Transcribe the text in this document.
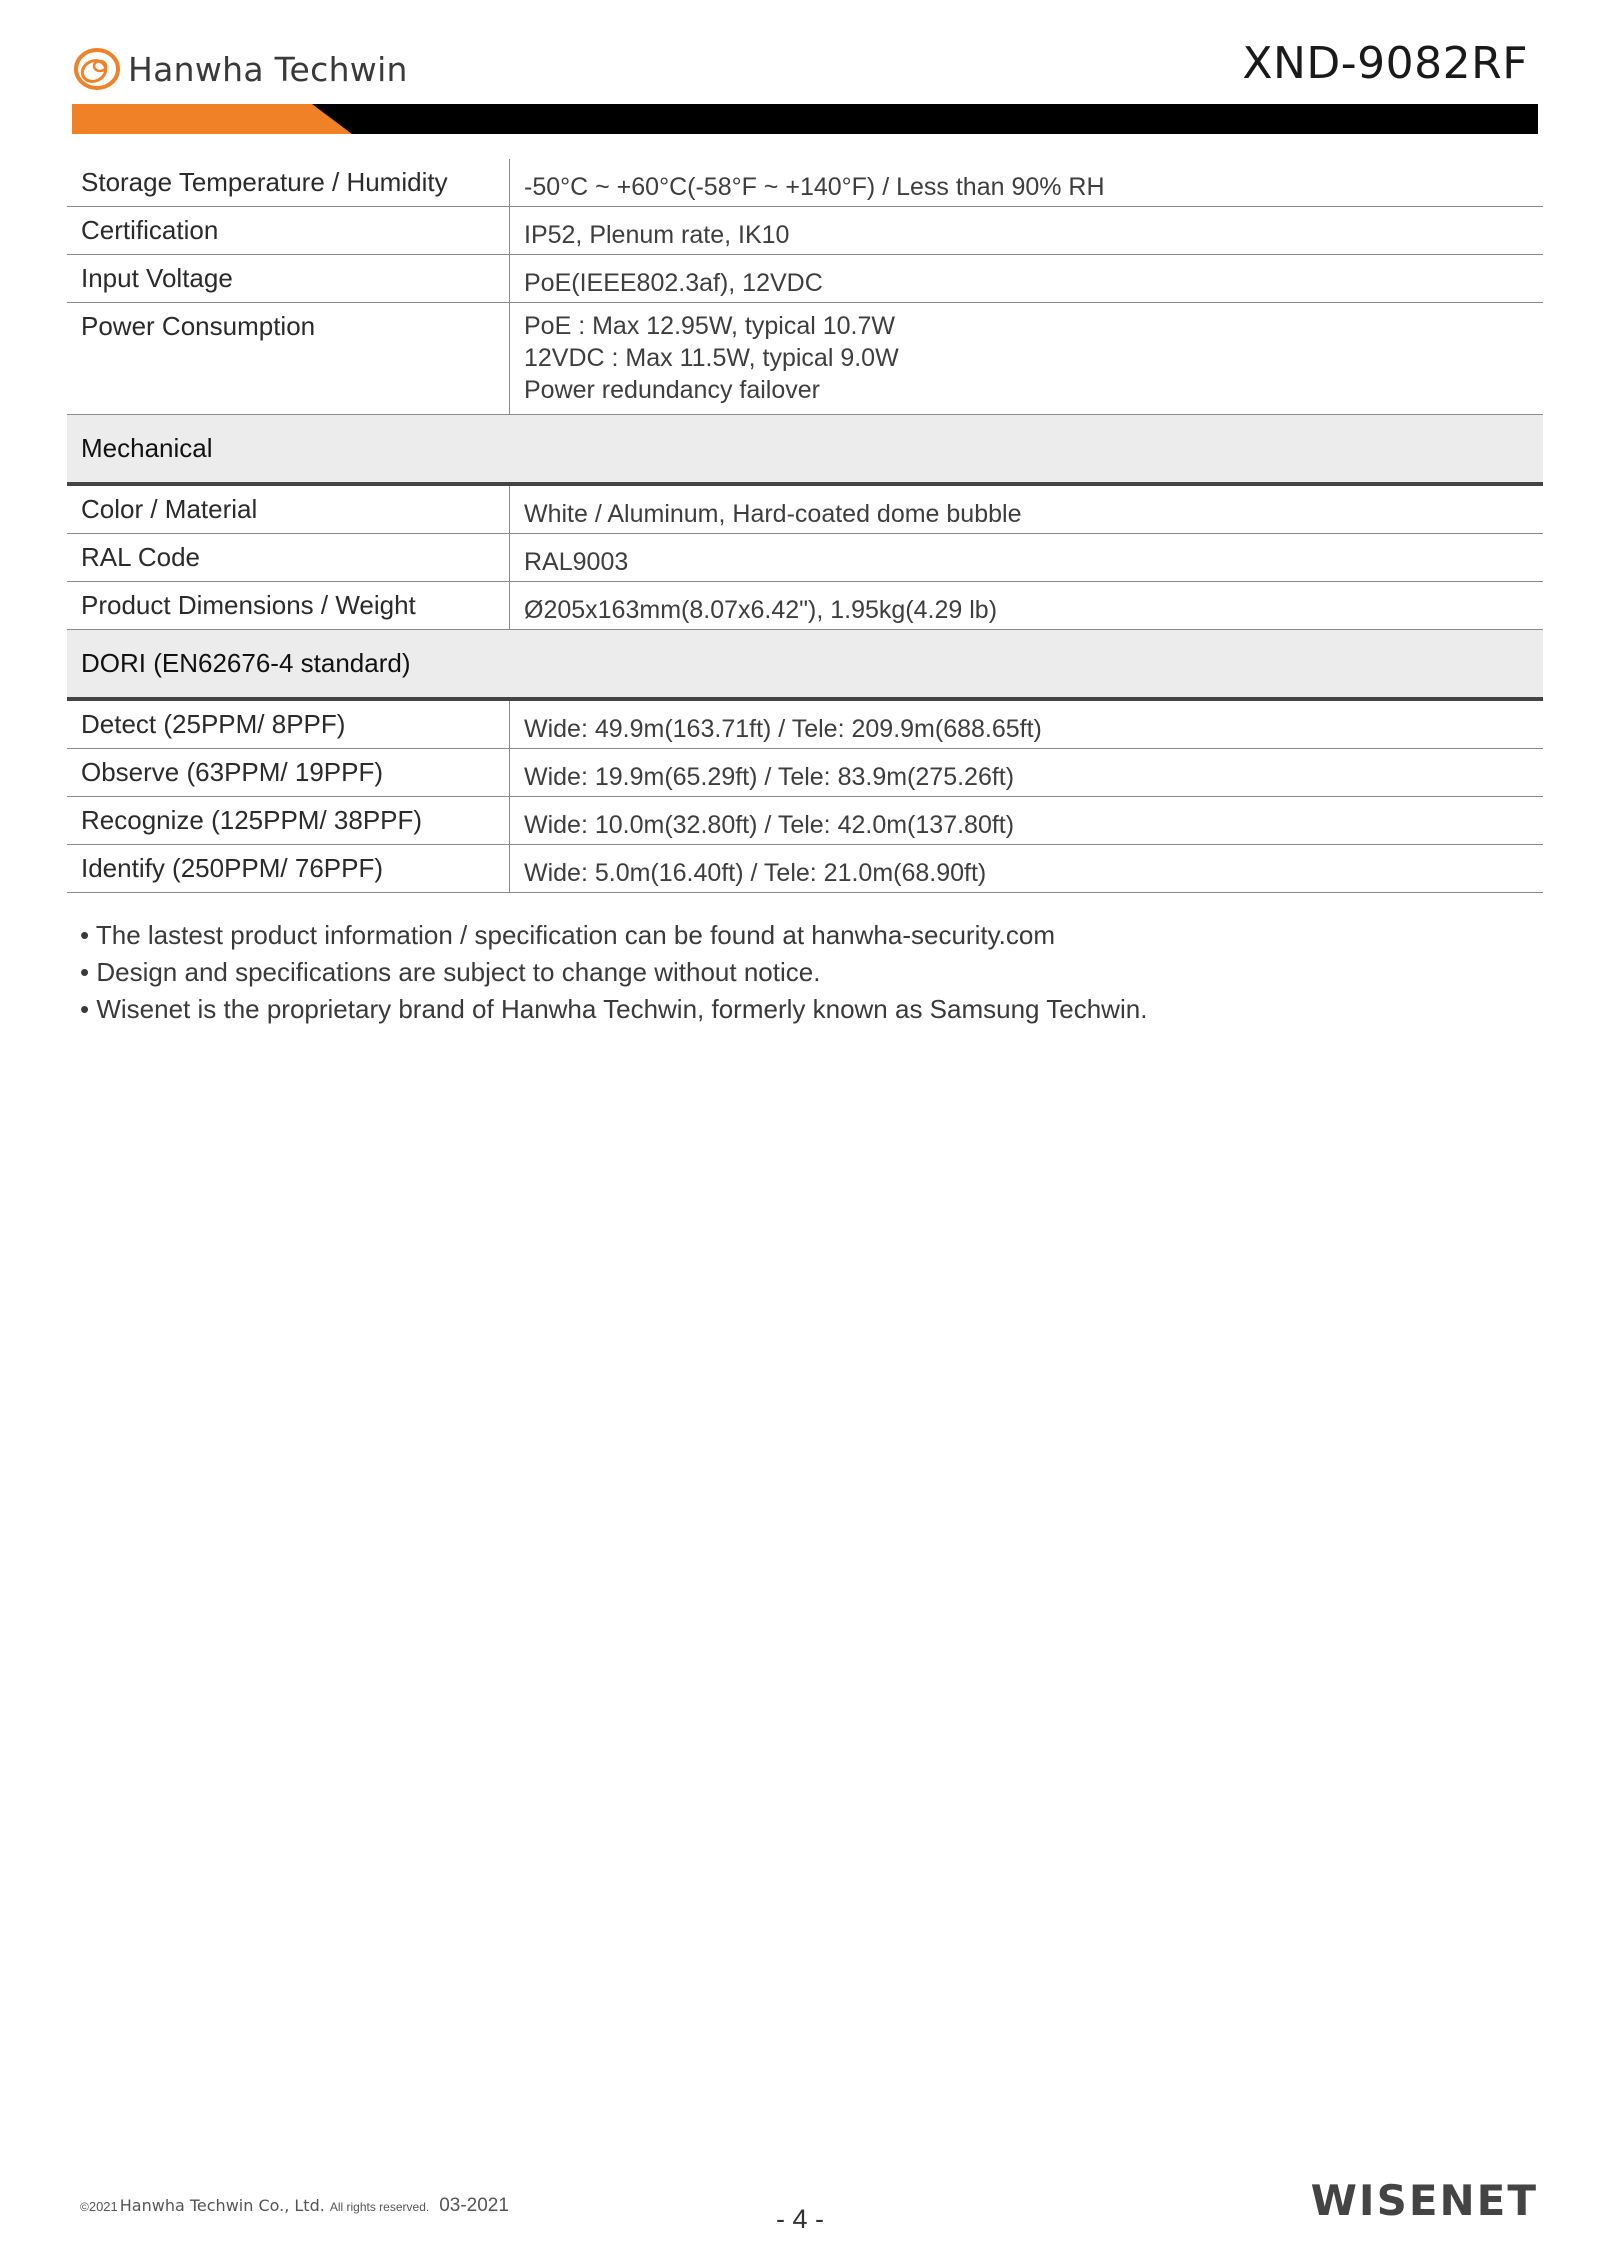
Hanwha Techwin	XND-9082RF
Storage Temperature / Humidity	-50°C ~ +60°C(-58°F ~ +140°F) / Less than 90% RH
Certification	IP52, Plenum rate, IK10
Input Voltage	PoE(IEEE802.3af), 12VDC
Power Consumption	PoE : Max 12.95W, typical 10.7W
12VDC : Max 11.5W, typical 9.0W
Power redundancy failover
Mechanical
Color / Material	White / Aluminum, Hard-coated dome bubble
RAL Code	RAL9003
Product Dimensions / Weight	Ø205x163mm(8.07x6.42"), 1.95kg(4.29 lb)
DORI (EN62676-4 standard)
Detect (25PPM/ 8PPF)	Wide: 49.9m(163.71ft) / Tele: 209.9m(688.65ft)
Observe (63PPM/ 19PPF)	Wide: 19.9m(65.29ft) / Tele: 83.9m(275.26ft)
Recognize (125PPM/ 38PPF)	Wide: 10.0m(32.80ft) / Tele: 42.0m(137.80ft)
Identify (250PPM/ 76PPF)	Wide: 5.0m(16.40ft) / Tele: 21.0m(68.90ft)
• The lastest product information / specification can be found at hanwha-security.com
• Design and specifications are subject to change without notice.
• Wisenet is the proprietary brand of Hanwha Techwin, formerly known as Samsung Techwin.
© 2021 Hanwha Techwin Co., Ltd. All rights reserved. 03-2021	- 4 -	WISENET
